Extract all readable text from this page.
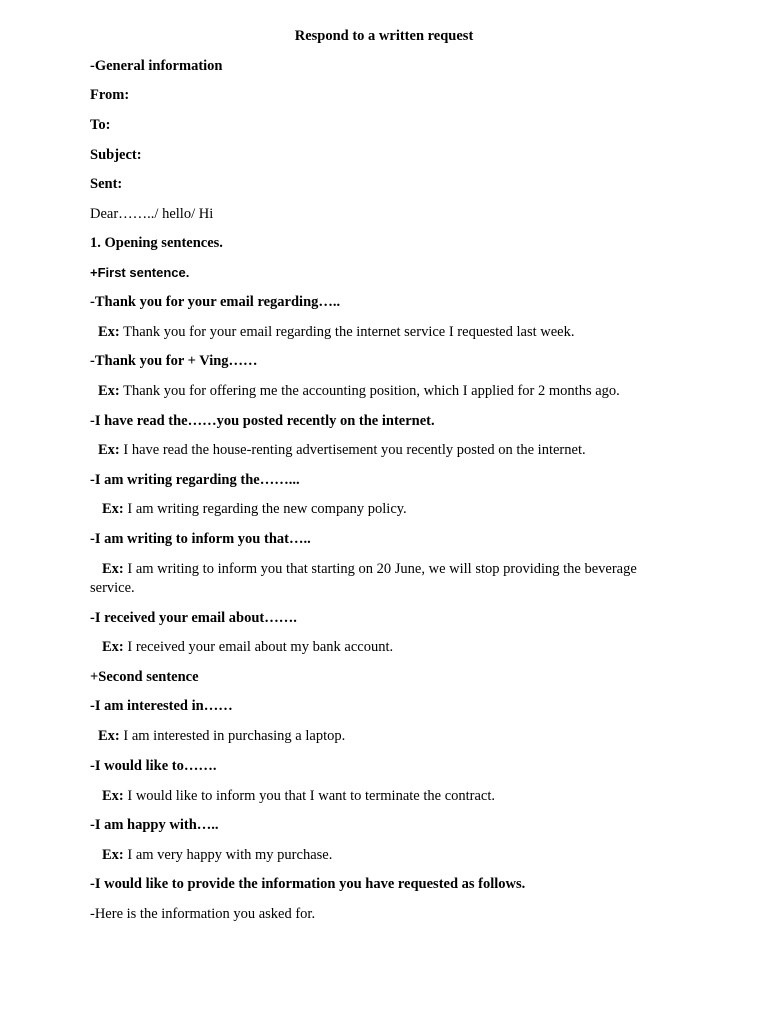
Respond to a written request
-General information
From:
To:
Subject:
Sent:
Dear……../ hello/ Hi
1. Opening sentences.
+First sentence.
-Thank you for your email regarding…..
Ex: Thank you for your email regarding the internet service I requested last week.
-Thank you for + Ving……
Ex: Thank you for offering me the accounting position, which I applied for 2 months ago.
-I have read the……you posted recently on the internet.
Ex: I have read the house-renting advertisement you recently posted on the internet.
-I am writing regarding the……...
Ex: I am writing regarding the new company policy.
-I am writing to inform you that…..
Ex: I am writing to inform you that starting on 20 June, we will stop providing the beverage service.
-I received your email about…….
Ex: I received your email about my bank account.
+Second sentence
-I am interested in……
Ex: I am interested in purchasing a laptop.
-I would like to…….
Ex: I would like to inform you that I want to terminate the contract.
-I am happy with…..
Ex: I am very happy with my purchase.
-I would like to provide the information you have requested as follows.
-Here is the information you asked for.
